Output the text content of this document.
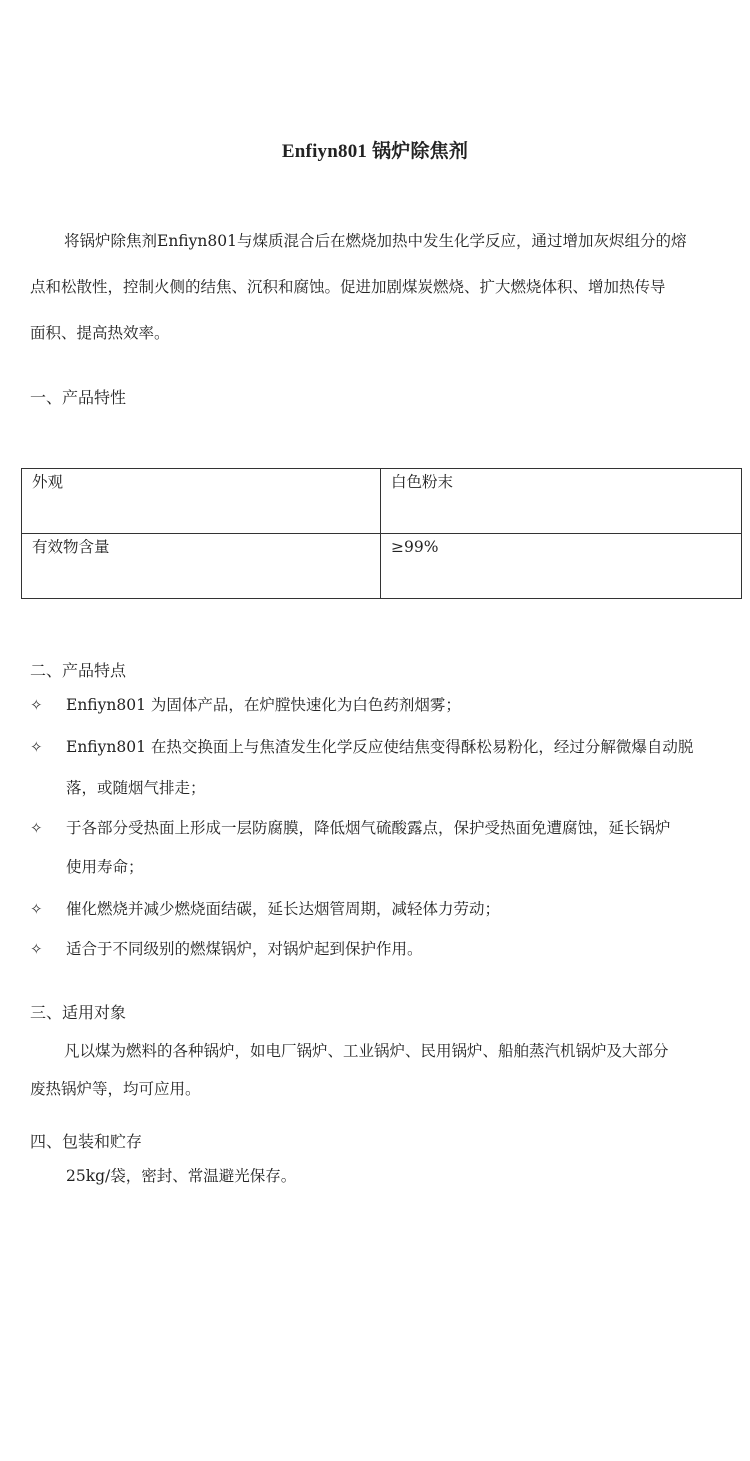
Enfiyn801 锅炉除焦剂
将锅炉除焦剂Enfiyn801与煤质混合后在燃烧加热中发生化学反应，通过增加灰烬组分的熔
点和松散性，控制火侧的结焦、沉积和腐蚀。促进加剧煤炭燃烧、扩大燃烧体积、增加热传导
面积、提高热效率。
一、产品特性
外观	白色粉末
有效物含量	≥99%
二、产品特点
✧ Enfiyn801 为固体产品，在炉膛快速化为白色药剂烟雾；
✧ Enfiyn801 在热交换面上与焦渣发生化学反应使结焦变得酥松易粉化，经过分解微爆自动脱
落，或随烟气排走；
✧ 于各部分受热面上形成一层防腐膜，降低烟气硫酸露点，保护受热面免遭腐蚀，延长锅炉
使用寿命；
✧ 催化燃烧并减少燃烧面结碳，延长达烟管周期，减轻体力劳动；
✧ 适合于不同级别的燃煤锅炉，对锅炉起到保护作用。
三、适用对象
凡以煤为燃料的各种锅炉，如电厂锅炉、工业锅炉、民用锅炉、船舶蒸汽机锅炉及大部分
废热锅炉等，均可应用。
四、包装和贮存
25kg/袋，密封、常温避光保存。
